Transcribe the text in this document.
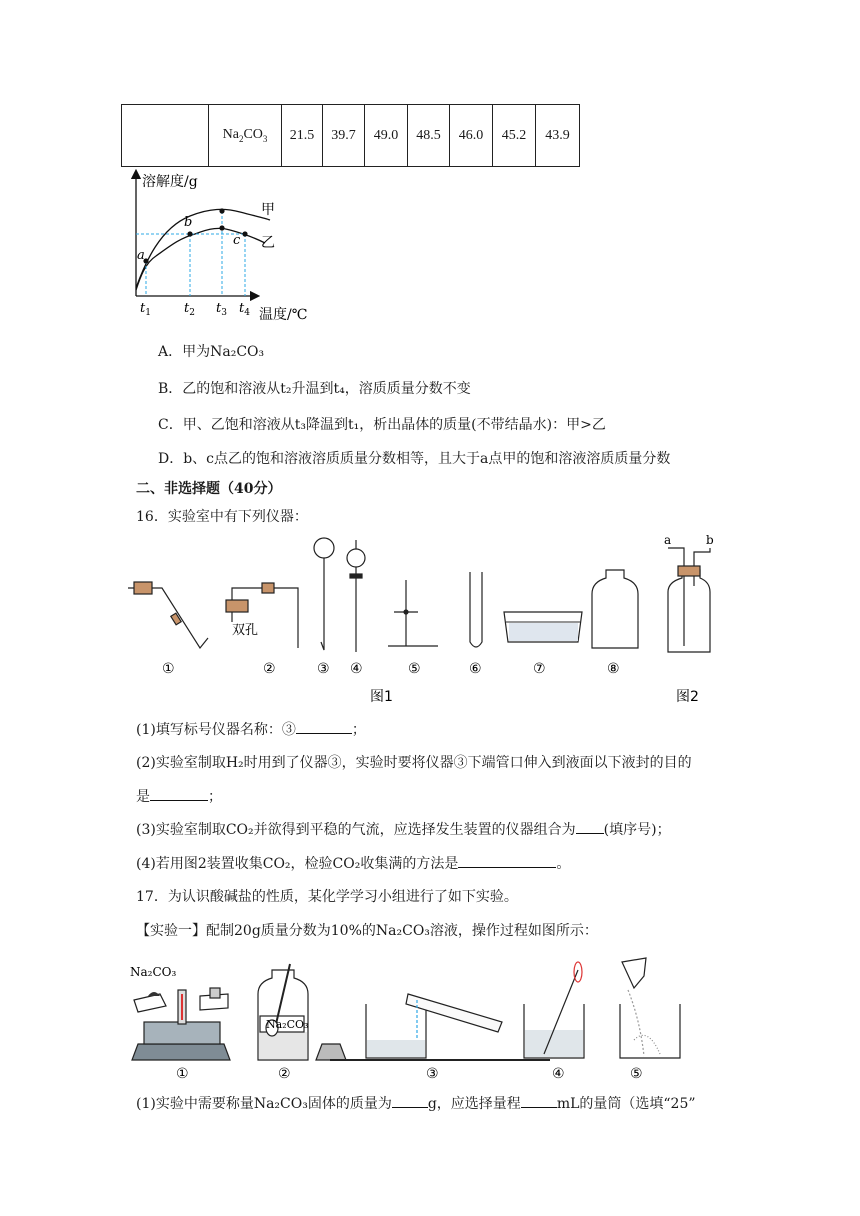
	$Na_2CO_3$	21.5	39.7	49.0	48.5	46.0	45.2	43.9
溶解度/g
温度/℃
a
b
c
甲
乙
$t_1$	$t_2$ $t_3$ $t_4$
A．甲为Na₂CO₃
B．乙的饱和溶液从t₂升温到t₄，溶质质量分数不变
C．甲、乙饱和溶液从t₃降温到t₁，析出晶体的质量(不带结晶水)：甲>乙
D．b、c点乙的饱和溶液溶质质量分数相等，且大于a点甲的饱和溶液溶质质量分数
二、非选择题（40分）
16．实验室中有下列仪器：
双孔
a	b
①	②	③ ④	⑤	⑥	⑦	⑧
图1	图2
(1)填写标号仪器名称：③	；
(2)实验室制取H₂时用到了仪器③，实验时要将仪器③下端管口伸入到液面以下液封的目的
是	；
(3)实验室制取CO₂并欲得到平稳的气流，应选择发生装置的仪器组合为 (填序号)；
(4)若用图2装置收集CO₂，检验CO₂收集满的方法是	。
17．为认识酸碱盐的性质，某化学学习小组进行了如下实验。
【实验一】配制20g质量分数为10%的Na₂CO₃溶液，操作过程如图所示：
Na₂CO₃
Na₂CO₃
①	②	③	④	⑤
(1)实验中需要称量Na₂CO₃固体的质量为	g，应选择量程	mL的量筒（选填“25”
